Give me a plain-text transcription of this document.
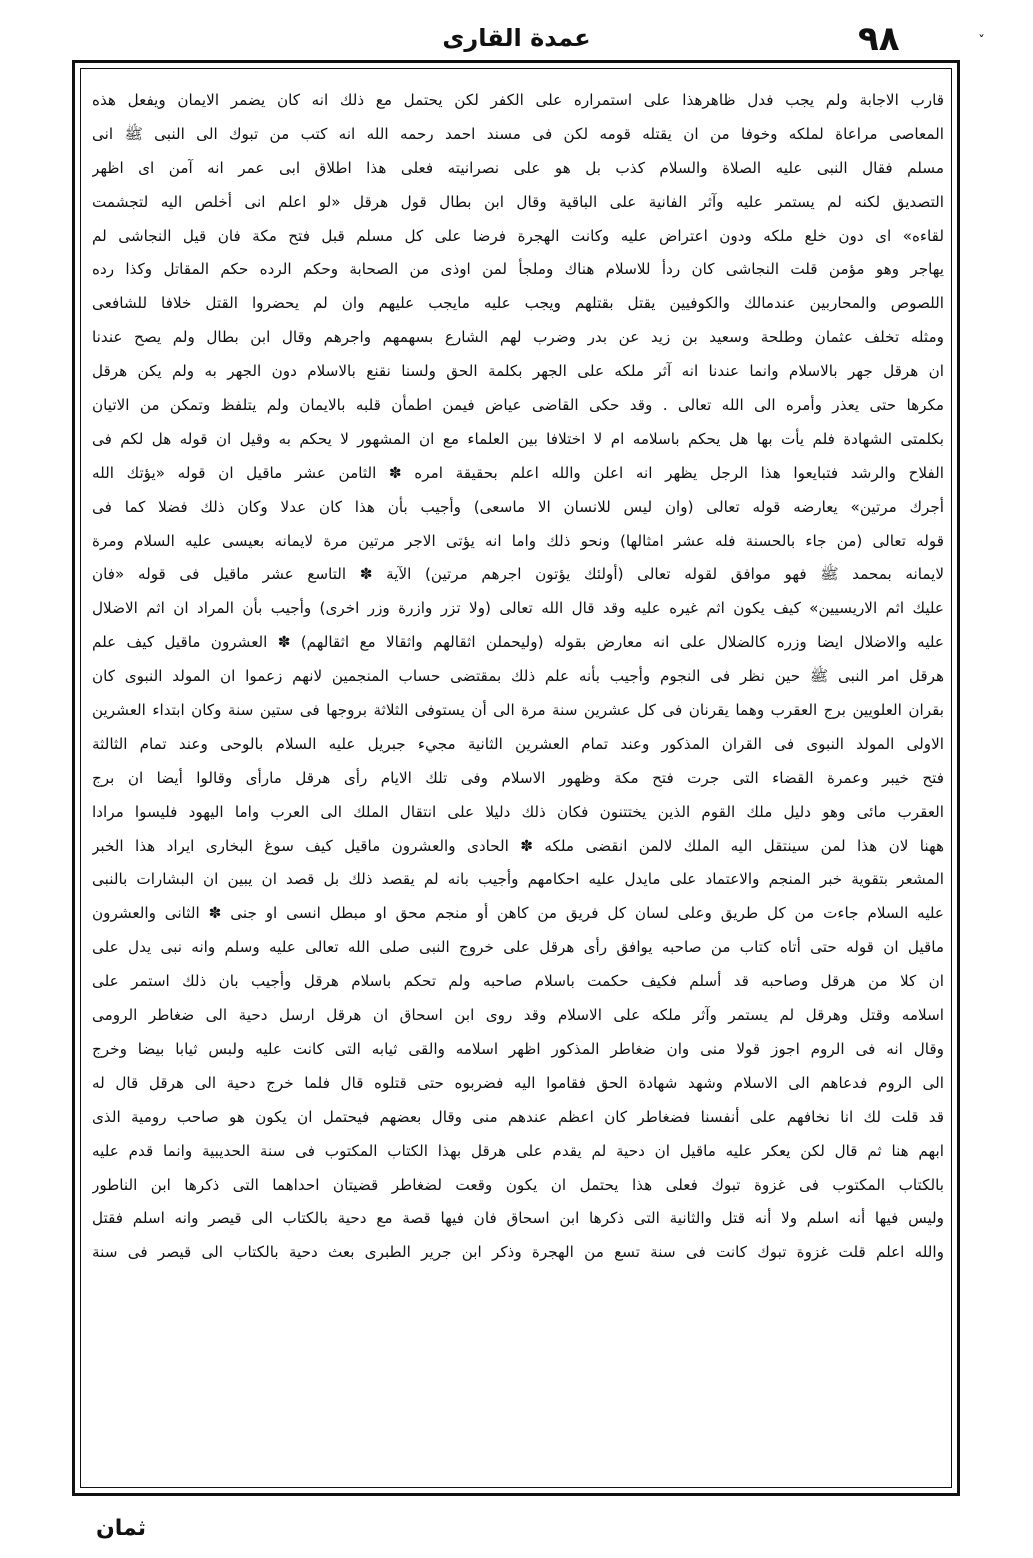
ˇ
٩٨
عمدة القاری
قارب الاجابة ولم يجب فدل ظاهرهذا على استمراره على الكفر لكن يحتمل مع ذلك انه كان يضمر الايمان ويفعل هذه
المعاصى مراعاة لملكه وخوفا من ان يقتله قومه لكن فى مسند احمد رحمه الله انه كتب من تبوك الى النبى ﷺ انى
مسلم فقال النبى عليه الصلاة والسلام كذب بل هو على نصرانيته فعلى هذا اطلاق ابى عمر انه آمن اى اظهر
التصديق لكنه لم يستمر عليه وآثر الفانية على الباقية وقال ابن بطال قول هرقل «لو اعلم انى أخلص اليه لتجشمت
لقاءه» اى دون خلع ملكه ودون اعتراض عليه وكانت الهجرة فرضا على كل مسلم قبل فتح مكة فان قيل النجاشى لم
يهاجر وهو مؤمن قلت النجاشى كان ردأ للاسلام هناك وملجأ لمن اوذى من الصحابة وحكم الرده حكم المقاتل وكذا رده
اللصوص والمحاربين عندمالك والكوفيين يقتل بقتلهم ويجب عليه مايجب عليهم وان لم يحضروا القتل خلافا للشافعى
ومثله تخلف عثمان وطلحة وسعيد بن زيد عن بدر وضرب لهم الشارع بسهمهم واجرهم وقال ابن بطال ولم يصح عندنا
ان هرقل جهر بالاسلام وانما عندنا انه آثر ملكه على الجهر بكلمة الحق ولسنا نقنع بالاسلام دون الجهر به ولم يكن هرقل
مكرها حتى يعذر وأمره الى الله تعالى . وقد حكى القاضى عياض فيمن اطمأن قلبه بالايمان ولم يتلفظ وتمكن من الاتيان
بكلمتى الشهادة فلم يأت بها هل يحكم باسلامه ام لا اختلافا بين العلماء مع ان المشهور لا يحكم به وقيل ان قوله هل لكم فى
الفلاح والرشد فتبايعوا هذا الرجل يظهر انه اعلن والله اعلم بحقيقة امره ✽ الثامن عشر ماقيل ان قوله «يؤتك الله
أجرك مرتين» يعارضه قوله تعالى (وان ليس للانسان الا ماسعى) وأجيب بأن هذا كان عدلا وكان ذلك فضلا كما فى
قوله تعالى (من جاء بالحسنة فله عشر امثالها) ونحو ذلك واما انه يؤتى الاجر مرتين مرة لايمانه بعيسى عليه السلام ومرة
لايمانه بمحمد ﷺ فهو موافق لقوله تعالى (أولئك يؤتون اجرهم مرتين) الآية ✽ التاسع عشر ماقيل فى قوله «فان
عليك اثم الاريسيين» كيف يكون اثم غيره عليه وقد قال الله تعالى (ولا تزر وازرة وزر اخرى) وأجيب بأن المراد ان اثم الاضلال
عليه والاضلال ايضا وزره كالضلال على انه معارض بقوله (وليحملن اثقالهم واثقالا مع اثقالهم) ✽ العشرون ماقيل كيف علم
هرقل امر النبى ﷺ حين نظر فى النجوم وأجيب بأنه علم ذلك بمقتضى حساب المنجمين لانهم زعموا ان المولد النبوى كان
بقران العلويين برج العقرب وهما يقرنان فى كل عشرين سنة مرة الى أن يستوفى الثلاثة بروجها فى ستين سنة وكان ابتداء العشرين
الاولى المولد النبوى فى القران المذكور وعند تمام العشرين الثانية مجيء جبريل عليه السلام بالوحى وعند تمام الثالثة
فتح خيبر وعمرة القضاء التى جرت فتح مكة وظهور الاسلام وفى تلك الايام رأى هرقل مارأى وقالوا أيضا ان برج
العقرب مائى وهو دليل ملك القوم الذين يختتنون فكان ذلك دليلا على انتقال الملك الى العرب واما اليهود فليسوا مرادا
ههنا لان هذا لمن سينتقل اليه الملك لالمن انقضى ملكه ✽ الحادى والعشرون ماقيل كيف سوغ البخارى ايراد هذا الخبر
المشعر بتقوية خبر المنجم والاعتماد على مايدل عليه احكامهم وأجيب بانه لم يقصد ذلك بل قصد ان يبين ان البشارات بالنبى
عليه السلام جاءت من كل طريق وعلى لسان كل فريق من كاهن أو منجم محق او مبطل انسى او جنى ✽ الثانى والعشرون
ماقيل ان قوله حتى أتاه كتاب من صاحبه يوافق رأى هرقل على خروج النبى صلى الله تعالى عليه وسلم وانه نبى يدل على
ان كلا من هرقل وصاحبه قد أسلم فكيف حكمت باسلام صاحبه ولم تحكم باسلام هرقل وأجيب بان ذلك استمر على
اسلامه وقتل وهرقل لم يستمر وآثر ملكه على الاسلام وقد روى ابن اسحاق ان هرقل ارسل دحية الى ضغاطر الرومى
وقال انه فى الروم اجوز قولا منى وان ضغاطر المذكور اظهر اسلامه والقى ثيابه التى كانت عليه ولبس ثيابا بيضا وخرج
الى الروم فدعاهم الى الاسلام وشهد شهادة الحق فقاموا اليه فضربوه حتى قتلوه قال فلما خرج دحية الى هرقل قال له
قد قلت لك انا نخافهم على أنفسنا فضغاطر كان اعظم عندهم منى وقال بعضهم فيحتمل ان يكون هو صاحب رومية الذى
ابهم هنا ثم قال لكن يعكر عليه ماقيل ان دحية لم يقدم على هرقل بهذا الكتاب المكتوب فى سنة الحديبية وانما قدم عليه
بالكتاب المكتوب فى غزوة تبوك فعلى هذا يحتمل ان يكون وقعت لضغاطر قضيتان احداهما التى ذكرها ابن الناطور
وليس فيها أنه اسلم ولا أنه قتل والثانية التى ذكرها ابن اسحاق فان فيها قصة مع دحية بالكتاب الى قيصر وانه اسلم فقتل
والله اعلم قلت غزوة تبوك كانت فى سنة تسع من الهجرة وذكر ابن جرير الطبرى بعث دحية بالكتاب الى قيصر فى سنة
ثمان
